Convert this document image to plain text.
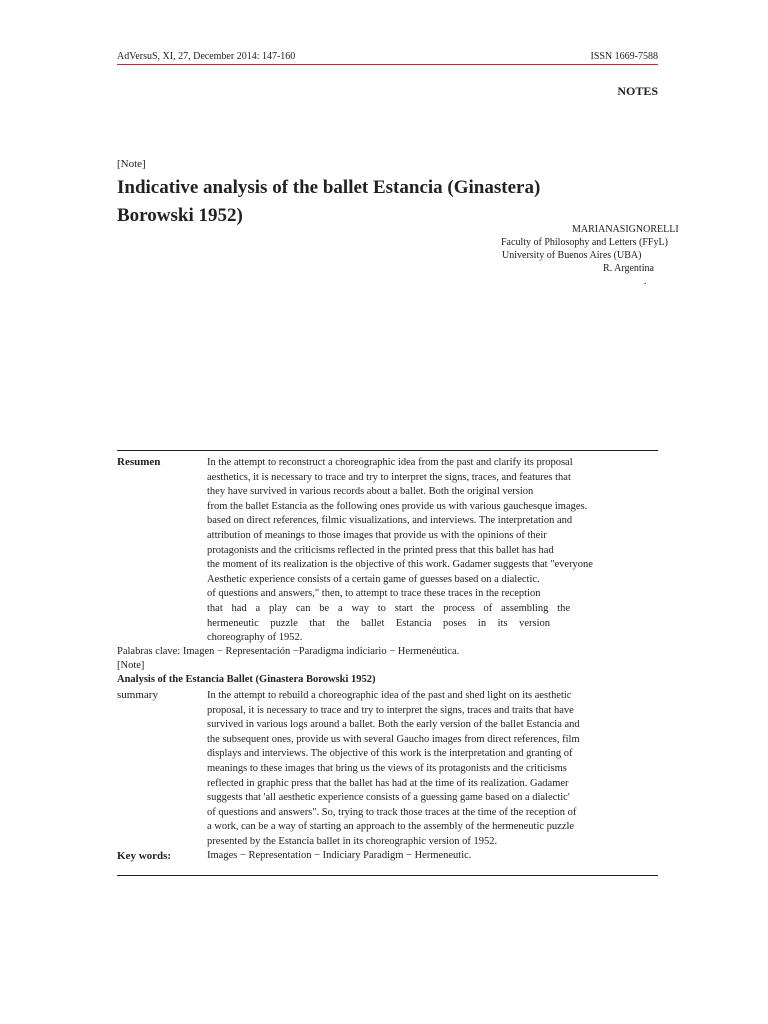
AdVersuS, XI, 27, December 2014: 147-160	ISSN 1669-7588
NOTES
[Note]
Indicative analysis of the ballet Estancia (Ginastera) Borowski 1952)
MARIANASIGNORELLI
Faculty of Philosophy and Letters (FFyL)
University of Buenos Aires (UBA)
R. Argentina
.
Resumen	In the attempt to reconstruct a choreographic idea from the past and clarify its proposal
aesthetics, it is necessary to trace and try to interpret the signs, traces, and features that
they have survived in various records about a ballet. Both the original version
from the ballet Estancia as the following ones provide us with various gauchesque images.
based on direct references, filmic visualizations, and interviews. The interpretation and
attribution of meanings to those images that provide us with the opinions of their
protagonists and the criticisms reflected in the printed press that this ballet has had
the moment of its realization is the objective of this work. Gadamer suggests that "everyone
Aesthetic experience consists of a certain game of guesses based on a dialectic.
of questions and answers," then, to attempt to trace these traces in the reception
that had a play can be a way to start the process of assembling the
hermeneutic puzzle that the ballet Estancia poses in its version
choreography of 1952.
Palabras clave: Imagen − Representación −Paradigma indiciario − Hermenéutica.
[Note]
Analysis of the Estancia Ballet (Ginastera Borowski 1952)
summary	In the attempt to rebuild a choreographic idea of the past and shed light on its aesthetic
proposal, it is necessary to trace and try to interpret the signs, traces and traits that have
survived in various logs around a ballet. Both the early version of the ballet Estancia and
the subsequent ones, provide us with several Gaucho images from direct references, film
displays and interviews. The objective of this work is the interpretation and granting of
meanings to these images that bring us the views of its protagonists and the criticisms
reflected in graphic press that the ballet has had at the time of its realization. Gadamer
suggests that 'all aesthetic experience consists of a guessing game based on a dialectic'
of questions and answers". So, trying to track those traces at the time of the reception of
a work, can be a way of starting an approach to the assembly of the hermeneutic puzzle
presented by the Estancia ballet in its choreographic version of 1952.
Key words:	Images − Representation − Indiciary Paradigm − Hermeneutic.
